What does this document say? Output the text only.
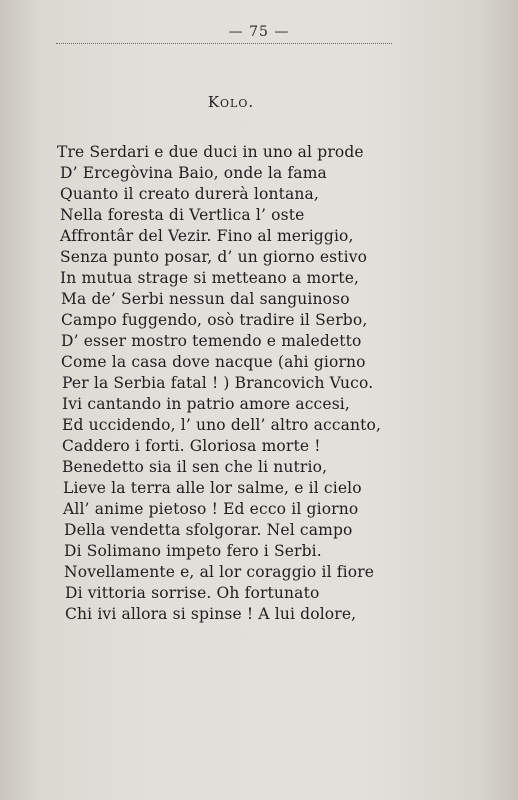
— 75 —
Kolo.
Tre Serdari e due duci in uno al prode
D’ Ercegòvina Baio, onde la fama
Quanto il creato durerà lontana,
Nella foresta di Vertlica l’ oste
Affrontâr del Vezir. Fino al meriggio,
Senza punto posar, d’ un giorno estivo
In mutua strage si metteano a morte,
Ma de’ Serbi nessun dal sanguinoso
Campo fuggendo, osò tradire il Serbo,
D’ esser mostro temendo e maledetto
Come la casa dove nacque (ahi giorno
Per la Serbia fatal ! ) Brancovich Vuco.
Ivi cantando in patrio amore accesi,
Ed uccidendo, l’ uno dell’ altro accanto,
Caddero i forti. Gloriosa morte !
Benedetto sia il sen che li nutrio,
Lieve la terra alle lor salme, e il cielo
All’ anime pietoso ! Ed ecco il giorno
Della vendetta sfolgorar. Nel campo
Di Solimano impeto fero i Serbi.
Novellamente e, al lor coraggio il fiore
Di vittoria sorrise. Oh fortunato
Chi ivi allora si spinse ! A lui dolore,
